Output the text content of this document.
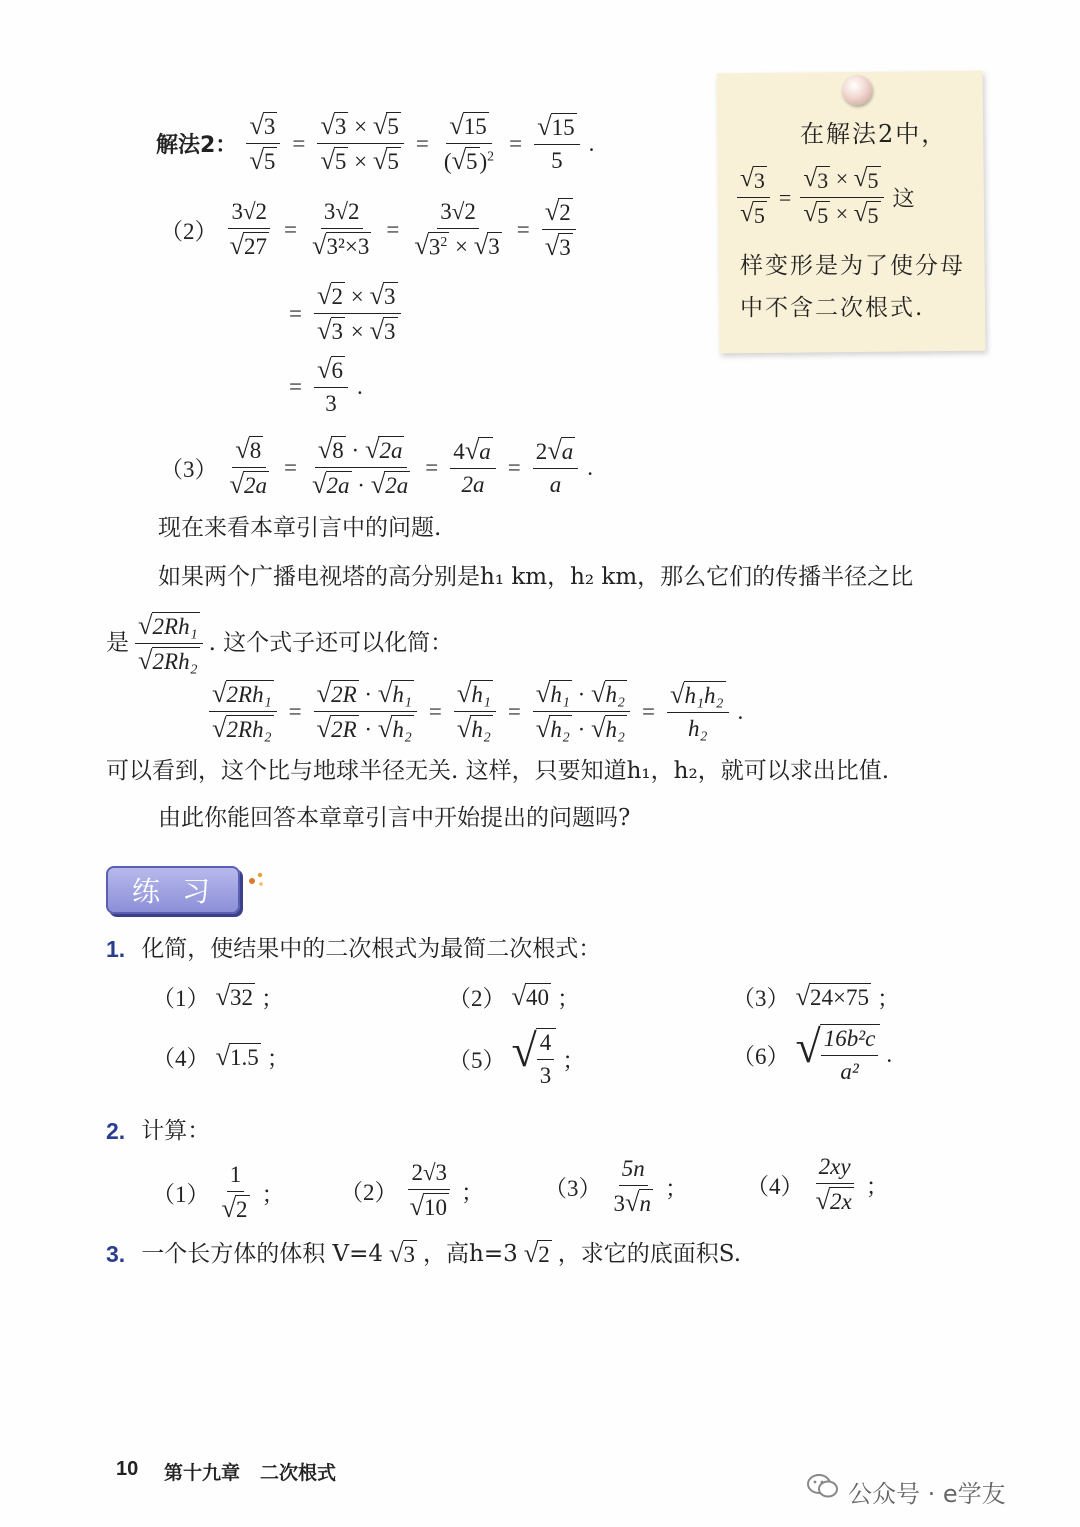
解法2： $\frac{√ 3}{√ 5} = \frac{√ 3 \times √ 5}{√ 5 \times √ 5} = \frac{√ 15}{( √ 5 )^2} = \frac{√ 15}{5}$ .
$(2) \frac{3√2}{√ 27} = \frac{3√2}{\text{√ 3²×3}} = \frac{3√2}{√ 3^2 \times √ 3} = \frac{√ 2}{√ 3}$
= $\frac{√ 2 \times √ 3}{√ 3 \times √ 3}$
= $\frac{√ 6}{3}$ .
$(3) \frac{√ 8}{√ 2a} = \frac{√ 8 \cdot √ 2a}{√ 2a \cdot √ 2a} = \frac{4 √ a}{2a} = \frac{2 √ a}{a}$ .
现在来看本章引言中的问题.
如果两个广播电视塔的高分别是h₁ km，h₂ km，那么它们的传播半径之比
是
√ 2Rh₁
√ 2Rh₂
. 这个式子还可以化简：
$\frac{\text{√ 2Rh₁}}{\text{√ 2Rh₂}} = \frac{\text{√ 2R · √ h₁}}{\text{√ 2R · √ h₂}} = \frac{\text{√ h₁}}{\text{√ h₂}} = \frac{\text{√ h₁ · √ h₂}}{\text{√ h₂ · √ h₂}} = \frac{\text{√ h₁h₂}}{\text{h₂}}$ .
可以看到，这个比与地球半径无关. 这样，只要知道h₁，h₂，就可以求出比值.
由此你能回答本章章引言中开始提出的问题吗?
在解法2中，
$\frac{√ 3}{√ 5} = \frac{√ 3 \times √ 5}{√ 5 \times √ 5}$ 这
样变形是为了使分母
中不含二次根式.
练习
1. 化简，使结果中的二次根式为最简二次根式：
（1） √ 32 ；	（2） √ 40 ；	（3） √ 24×75 ；
（4） √ 1.5 ；	（5） √ $\frac{4}{3}$ ；	（6） √ $\frac{\text{16b²c}}{\text{a²}}$ .
2. 计算：
（1）
1
√ 2
； （2）
2√3
√ 10
；	（3）
5n
3 √ n
；	（4）
2xy
√ 2x
；
3. 一个长方体的体积 V=4 √ 3 ，高h=3 √ 2 ，求它的底面积S.
10 第十九章 二次根式
公众号 · e学友
